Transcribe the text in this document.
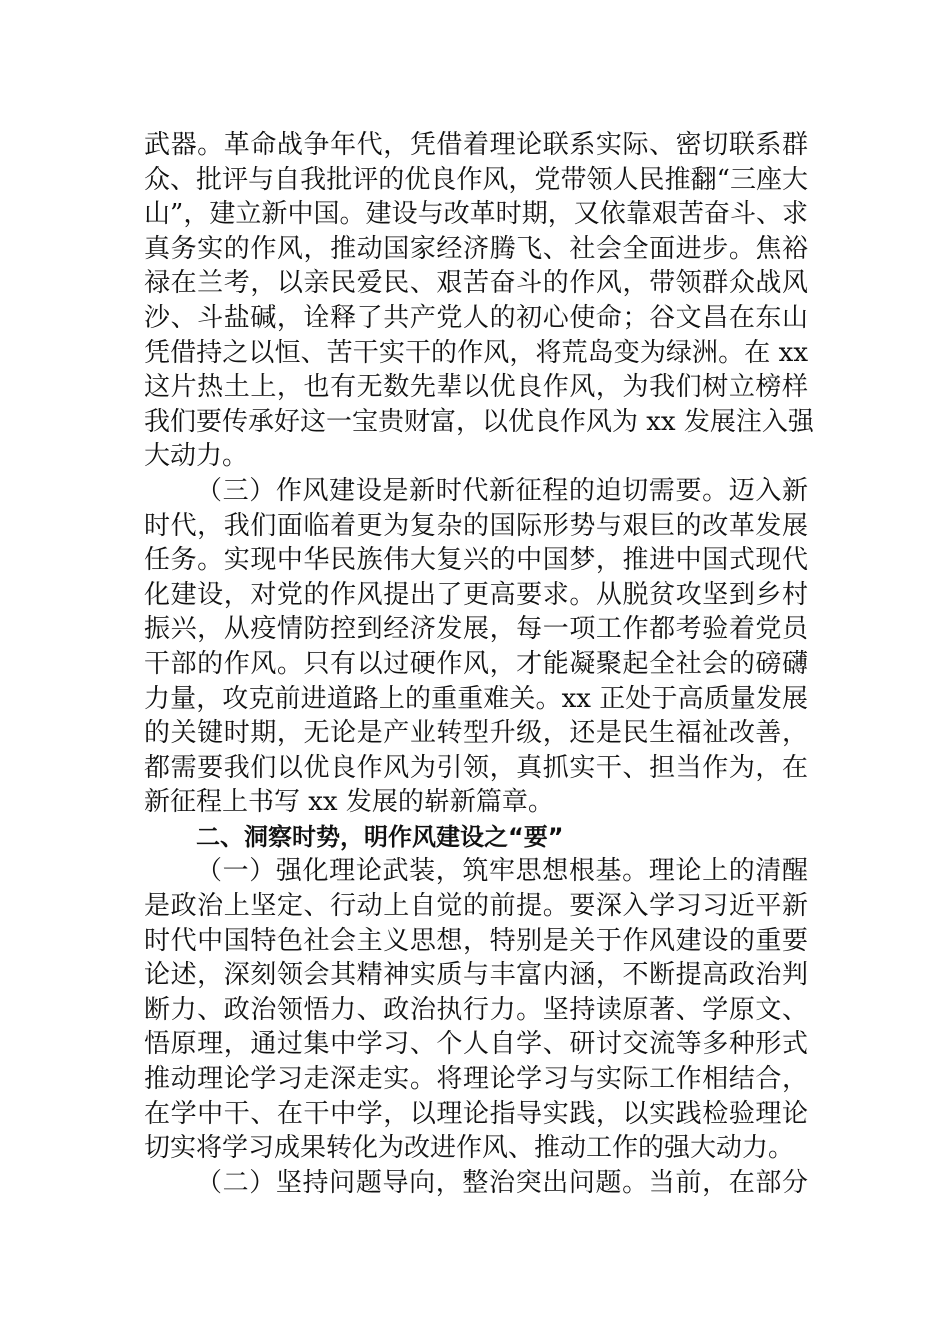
武器。革命战争年代，凭借着理论联系实际、密切联系群
众、批评与自我批评的优良作风，党带领人民推翻“三座大
山”，建立新中国。建设与改革时期，又依靠艰苦奋斗、求
真务实的作风，推动国家经济腾飞、社会全面进步。焦裕
禄在兰考，以亲民爱民、艰苦奋斗的作风，带领群众战风
沙、斗盐碱，诠释了共产党人的初心使命；谷文昌在东山
凭借持之以恒、苦干实干的作风，将荒岛变为绿洲。在 xx
这片热土上，也有无数先辈以优良作风，为我们树立榜样
我们要传承好这一宝贵财富，以优良作风为 xx 发展注入强
大动力。
（三）作风建设是新时代新征程的迫切需要。迈入新
时代，我们面临着更为复杂的国际形势与艰巨的改革发展
任务。实现中华民族伟大复兴的中国梦，推进中国式现代
化建设，对党的作风提出了更高要求。从脱贫攻坚到乡村
振兴，从疫情防控到经济发展，每一项工作都考验着党员
干部的作风。只有以过硬作风，才能凝聚起全社会的磅礴
力量，攻克前进道路上的重重难关。xx 正处于高质量发展
的关键时期，无论是产业转型升级，还是民生福祉改善，
都需要我们以优良作风为引领，真抓实干、担当作为，在
新征程上书写 xx 发展的崭新篇章。
二、洞察时势，明作风建设之“要”
（一）强化理论武装，筑牢思想根基。理论上的清醒
是政治上坚定、行动上自觉的前提。要深入学习习近平新
时代中国特色社会主义思想，特别是关于作风建设的重要
论述，深刻领会其精神实质与丰富内涵，不断提高政治判
断力、政治领悟力、政治执行力。坚持读原著、学原文、
悟原理，通过集中学习、个人自学、研讨交流等多种形式
推动理论学习走深走实。将理论学习与实际工作相结合，
在学中干、在干中学，以理论指导实践，以实践检验理论
切实将学习成果转化为改进作风、推动工作的强大动力。
（二）坚持问题导向，整治突出问题。当前，在部分
